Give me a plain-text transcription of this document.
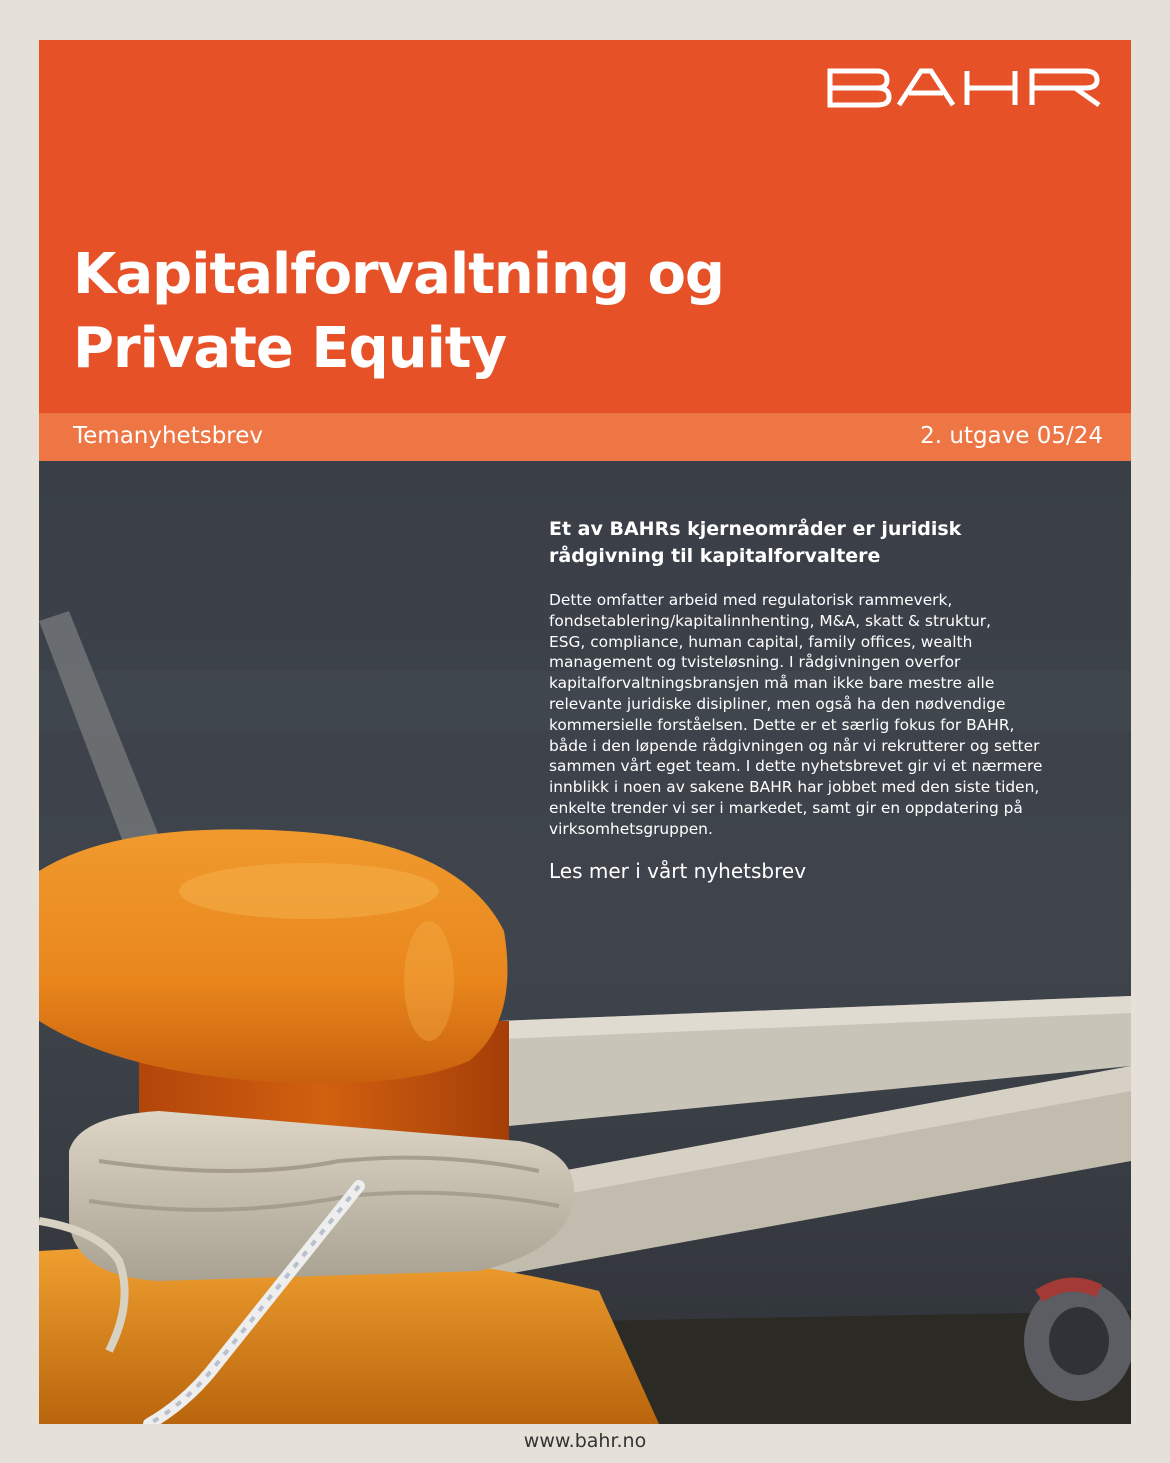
Kapitalforvaltning og
Private Equity
Temanyhetsbrev	2. utgave 05/24
Et av BAHRs kjerneområder er juridisk
rådgivning til kapitalforvaltere

Dette omfatter arbeid med regulatorisk rammeverk,
fondsetablering/kapitalinnhenting, M&A, skatt & struktur,
ESG, compliance, human capital, family offices, wealth
management og tvisteløsning. I rådgivningen overfor
kapitalforvaltningsbransjen må man ikke bare mestre alle
relevante juridiske disipliner, men også ha den nødvendige
kommersielle forståelsen. Dette er et særlig fokus for BAHR,
både i den løpende rådgivningen og når vi rekrutterer og setter
sammen vårt eget team. I dette nyhetsbrevet gir vi et nærmere
innblikk i noen av sakene BAHR har jobbet med den siste tiden,
enkelte trender vi ser i markedet, samt gir en oppdatering på
virksomhetsgruppen.

Les mer i vårt nyhetsbrev

www.bahr.no
